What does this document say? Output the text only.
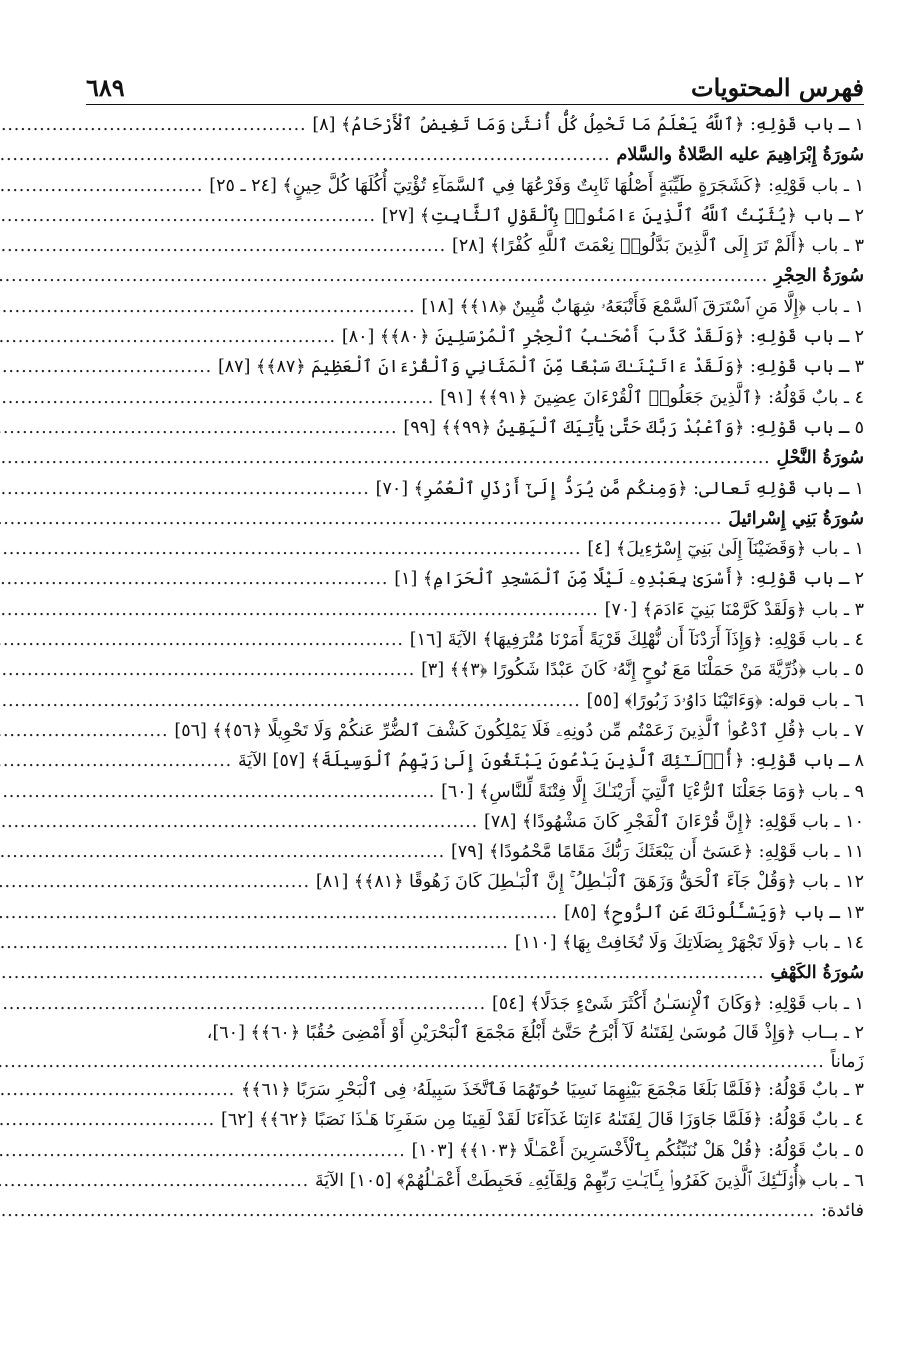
٦٨٩	فهرس المحتويات
١ ـ باب قَوْلِهِ: ﴿ٱللَّهُ يَعْلَمُ مَا تَحْمِلُ كُلُّ أُنثَىٰ وَمَا تَغِيضُ ٱلْأَرْحَامُ﴾ [٨]
.....
سُورَةُ إِبْرَاهِيمَ عليه الصَّلاةُ والسَّلام
.....
١ ـ باب قَوْلِهِ: ﴿كَشَجَرَةٍ طَيِّبَةٍ أَصْلُهَا ثَابِتٌ وَفَرْعُهَا فِي ٱلسَّمَآءِ تُؤْتِيٓ أُكُلَهَا كُلَّ حِينٍ﴾ [٢٤ ـ ٢٥]
.....
٢ ـ باب ﴿يُثَبِّتُ ٱللَّهُ ٱلَّذِينَ ءَامَنُوا۟ بِٱلْقَوْلِ ٱلثَّابِتِ﴾ [٢٧]
.....
٣ ـ باب ﴿أَلَمْ تَرَ إِلَى ٱلَّذِينَ بَدَّلُوا۟ نِعْمَتَ ٱللَّهِ كُفْرًا﴾ [٢٨]
.....
سُورَةُ الحِجْرِ
.....
١ ـ باب ﴿إِلَّا مَنِ ٱسْتَرَقَ ٱلسَّمْعَ فَأَتْبَعَهُۥ شِهَابٌ مُّبِينٌ ﴿١٨﴾﴾ [١٨]
.....
٢ ـ باب قَوْلِهِ: ﴿وَلَقَدْ كَذَّبَ أَصْحَـٰبُ ٱلْحِجْرِ ٱلْمُرْسَلِينَ ﴿٨٠﴾﴾ [٨٠]
.....
٣ ـ باب قَوْلِهِ: ﴿وَلَقَدْ ءَاتَيْنَـٰكَ سَبْعًا مِّنَ ٱلْمَثَانِي وَٱلْقُرْءَانَ ٱلْعَظِيمَ ﴿٨٧﴾﴾ [٨٧]
.....
٤ ـ بابٌ قَوْلُهُ: ﴿ٱلَّذِينَ جَعَلُوا۟ ٱلْقُرْءَانَ عِضِينَ ﴿٩١﴾﴾ [٩١]
.....
٥ ـ باب قَوْلِهِ: ﴿وَٱعْبُدْ رَبَّكَ حَتَّىٰ يَأْتِيَكَ ٱلْيَقِينُ ﴿٩٩﴾﴾ [٩٩]
.....
سُورَةُ النَّحْلِ
.....
١ ـ باب قَوْلِهِ تَعالى: ﴿وَمِنكُم مَّن يُرَدُّ إِلَىٰٓ أَرْذَلِ ٱلْعُمُرِ﴾ [٧٠]
.....
سُورَةُ بَنِي إِسْرائيلَ
.....
١ ـ باب ﴿وَقَضَيْنَآ إِلَىٰ بَنِيٓ إِسْرَٰٓءِيلَ﴾ [٤]
.....
٢ ـ باب قَوْلِهِ: ﴿أَسْرَىٰ بِعَبْدِهِۦ لَيْلًا مِّنَ ٱلْمَسْجِدِ ٱلْحَرَامِ﴾ [١]
.....
٣ ـ باب ﴿وَلَقَدْ كَرَّمْنَا بَنِيٓ ءَادَمَ﴾ [٧٠]
.....
٤ ـ باب قَوْلِهِ: ﴿وَإِذَآ أَرَدْنَآ أَن نُّهْلِكَ قَرْيَةً أَمَرْنَا مُتْرَفِيهَا﴾ الآيَةَ [١٦]
.....
٥ ـ باب ﴿ذُرِّيَّةَ مَنْ حَمَلْنَا مَعَ نُوحٍ إِنَّهُۥ كَانَ عَبْدًا شَكُورًا ﴿٣﴾﴾ [٣]
.....
٦ ـ باب قوله: ﴿وَءَاتَيْنَا دَاوُۥدَ زَبُورًا﴾ [٥٥]
.....
٧ ـ باب ﴿قُلِ ٱدْعُوا۟ ٱلَّذِينَ زَعَمْتُم مِّن دُونِهِۦ فَلَا يَمْلِكُونَ كَشْفَ ٱلضُّرِّ عَنكُمْ وَلَا تَحْوِيلًا ﴿٥٦﴾﴾ [٥٦]
.....
٨ ـ باب قَوْلِهِ: ﴿أُو۟لَـٰٓئِكَ ٱلَّذِينَ يَدْعُونَ يَبْتَغُونَ إِلَىٰ رَبِّهِمُ ٱلْوَسِيلَةَ﴾ [٥٧] الآيَةَ
.....
٩ ـ باب ﴿وَمَا جَعَلْنَا ٱلرُّءْيَا ٱلَّتِيٓ أَرَيْنَـٰكَ إِلَّا فِتْنَةً لِّلنَّاسِ﴾ [٦٠]
.....
١٠ ـ باب قَوْلِهِ: ﴿إِنَّ قُرْءَانَ ٱلْفَجْرِ كَانَ مَشْهُودًا﴾ [٧٨]
.....
١١ ـ باب قَوْلِهِ: ﴿عَسَىٰٓ أَن يَبْعَثَكَ رَبُّكَ مَقَامًا مَّحْمُودًا﴾ [٧٩]
.....
١٢ ـ باب ﴿وَقُلْ جَآءَ ٱلْحَقُّ وَزَهَقَ ٱلْبَـٰطِلُ ۚ إِنَّ ٱلْبَـٰطِلَ كَانَ زَهُوقًا ﴿٨١﴾﴾ [٨١]
.....
١٣ ـ باب ﴿وَيَسْـَٔلُونَكَ عَنِ ٱلرُّوحِ﴾ [٨٥]
.....
١٤ ـ باب ﴿وَلَا تَجْهَرْ بِصَلَاتِكَ وَلَا تُخَافِتْ بِهَا﴾ [١١٠]
.....
سُورَةُ الكَهْفِ
.....
١ ـ باب قَوْلِهِ: ﴿وَكَانَ ٱلْإِنسَـٰنُ أَكْثَرَ شَىْءٍ جَدَلًا﴾ [٥٤]
.....
٢ ـ بــاب ﴿وَإِذْ قَالَ مُوسَىٰ لِفَتَىٰهُ لَآ أَبْرَحُ حَتَّىٰٓ أَبْلُغَ مَجْمَعَ ٱلْبَحْرَيْنِ أَوْ أَمْضِىَ حُقُبًا ﴿٦٠﴾﴾ [٦٠]،
زَماناً
.....
٣ ـ بابٌ قَوْلُهُ: ﴿فَلَمَّا بَلَغَا مَجْمَعَ بَيْنِهِمَا نَسِيَا حُوتَهُمَا فَٱتَّخَذَ سَبِيلَهُۥ فِى ٱلْبَحْرِ سَرَبًا ﴿٦١﴾﴾
.....
٤ ـ بابٌ قَوْلُهُ: ﴿فَلَمَّا جَاوَزَا قَالَ لِفَتَىٰهُ ءَاتِنَا غَدَآءَنَا لَقَدْ لَقِينَا مِن سَفَرِنَا هَـٰذَا نَصَبًا ﴿٦٢﴾﴾ [٦٢]
.....
٥ ـ بابٌ قَوْلُهُ: ﴿قُلْ هَلْ نُنَبِّئُكُم بِٱلْأَخْسَرِينَ أَعْمَـٰلًا ﴿١٠٣﴾﴾ [١٠٣]
.....
٦ ـ باب ﴿أُو۟لَـٰٓئِكَ ٱلَّذِينَ كَفَرُوا۟ بِـَٔايَـٰتِ رَبِّهِمْ وَلِقَآئِهِۦ فَحَبِطَتْ أَعْمَـٰلُهُمْ﴾ [١٠٥] الآيَةَ
.....
فائدة:
.....
